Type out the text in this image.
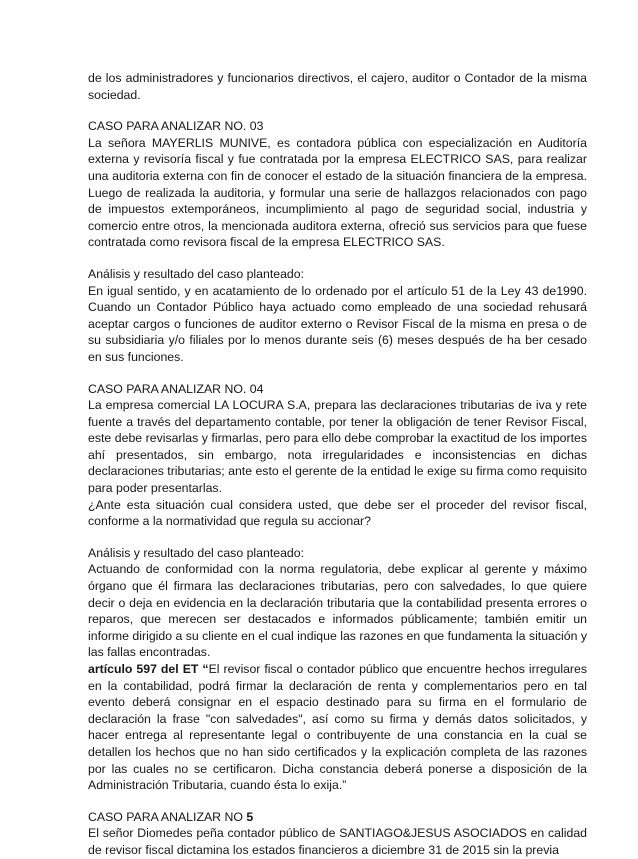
de los administradores y funcionarios directivos, el cajero, auditor o Contador de la misma sociedad.

CASO PARA ANALIZAR NO. 03

La señora MAYERLIS MUNIVE, es contadora pública con especialización en Auditoría externa y revisoría fiscal y fue contratada por la empresa ELECTRICO SAS, para realizar una auditoria externa con fin de conocer el estado de la situación financiera de la empresa. Luego de realizada la auditoria, y formular una serie de hallazgos relacionados con pago de impuestos extemporáneos, incumplimiento al pago de seguridad social, industria y comercio entre otros, la mencionada auditora externa, ofreció sus servicios para que fuese contratada como revisora fiscal de la empresa ELECTRICO SAS.

Análisis y resultado del caso planteado:

En igual sentido, y en acatamiento de lo ordenado por el artículo 51 de la Ley 43 de1990. Cuando un Contador Público haya actuado como empleado de una sociedad rehusará aceptar cargos o funciones de auditor externo o Revisor Fiscal de la misma en presa o de su subsidiaria y/o filiales por lo menos durante seis (6) meses después de ha ber cesado en sus funciones.

CASO PARA ANALIZAR NO. 04

La empresa comercial LA LOCURA S.A, prepara las declaraciones tributarias de iva y rete fuente a través del departamento contable, por tener la obligación de tener Revisor Fiscal, este debe revisarlas y firmarlas, pero para ello debe comprobar la exactitud de los importes ahí presentados, sin embargo, nota irregularidades e inconsistencias en dichas declaraciones tributarias; ante esto el gerente de la entidad le exige su firma como requisito para poder presentarlas.

¿Ante esta situación cual considera usted, que debe ser el proceder del revisor fiscal, conforme a la normatividad que regula su accionar?

Análisis y resultado del caso planteado:

Actuando de conformidad con la norma regulatoria, debe explicar al gerente y máximo órgano que él firmara las declaraciones tributarias, pero con salvedades, lo que quiere decir o deja en evidencia en la declaración tributaria que la contabilidad presenta errores o reparos, que merecen ser destacados e informados públicamente; también emitir un informe dirigido a su cliente en el cual indique las razones en que fundamenta la situación y las fallas encontradas.

artículo 597 del ET “El revisor fiscal o contador público que encuentre hechos irregulares en la contabilidad, podrá firmar la declaración de renta y complementarios pero en tal evento deberá consignar en el espacio destinado para su firma en el formulario de declaración la frase "con salvedades", así como su firma y demás datos solicitados, y hacer entrega al representante legal o contribuyente de una constancia en la cual se detallen los hechos que no han sido certificados y la explicación completa de las razones por las cuales no se certificaron. Dicha constancia deberá ponerse a disposición de la Administración Tributaria, cuando ésta lo exija.”

CASO PARA ANALIZAR NO 5

El señor Diomedes peña contador público de SANTIAGO&JESUS ASOCIADOS en calidad de revisor fiscal dictamina los estados financieros a diciembre 31 de 2015 sin la previa
